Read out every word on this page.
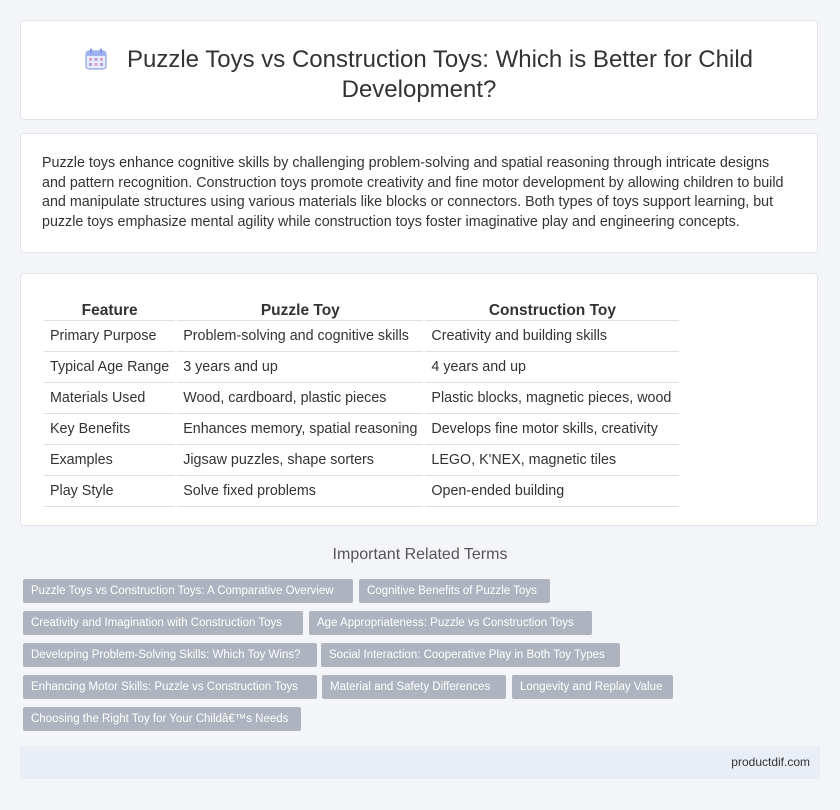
Puzzle Toys vs Construction Toys: Which is Better for Child Development?

Puzzle toys enhance cognitive skills by challenging problem-solving and spatial reasoning through intricate designs and pattern recognition. Construction toys promote creativity and fine motor development by allowing children to build and manipulate structures using various materials like blocks or connectors. Both types of toys support learning, but puzzle toys emphasize mental agility while construction toys foster imaginative play and engineering concepts.

Feature	Puzzle Toy	Construction Toy
Primary Purpose	Problem-solving and cognitive skills	Creativity and building skills
Typical Age Range	3 years and up	4 years and up
Materials Used	Wood, cardboard, plastic pieces	Plastic blocks, magnetic pieces, wood
Key Benefits	Enhances memory, spatial reasoning	Develops fine motor skills, creativity
Examples	Jigsaw puzzles, shape sorters	LEGO, K'NEX, magnetic tiles
Play Style	Solve fixed problems	Open-ended building
Important Related Terms
Puzzle Toys vs Construction Toys: A Comparative Overview	Cognitive Benefits of Puzzle Toys
Creativity and Imagination with Construction Toys	Age Appropriateness: Puzzle vs Construction Toys
Developing Problem-Solving Skills: Which Toy Wins?	Social Interaction: Cooperative Play in Both Toy Types
Enhancing Motor Skills: Puzzle vs Construction Toys	Material and Safety Differences	Longevity and Replay Value
Choosing the Right Toy for Your Childâ€™s Needs
productdif.com
